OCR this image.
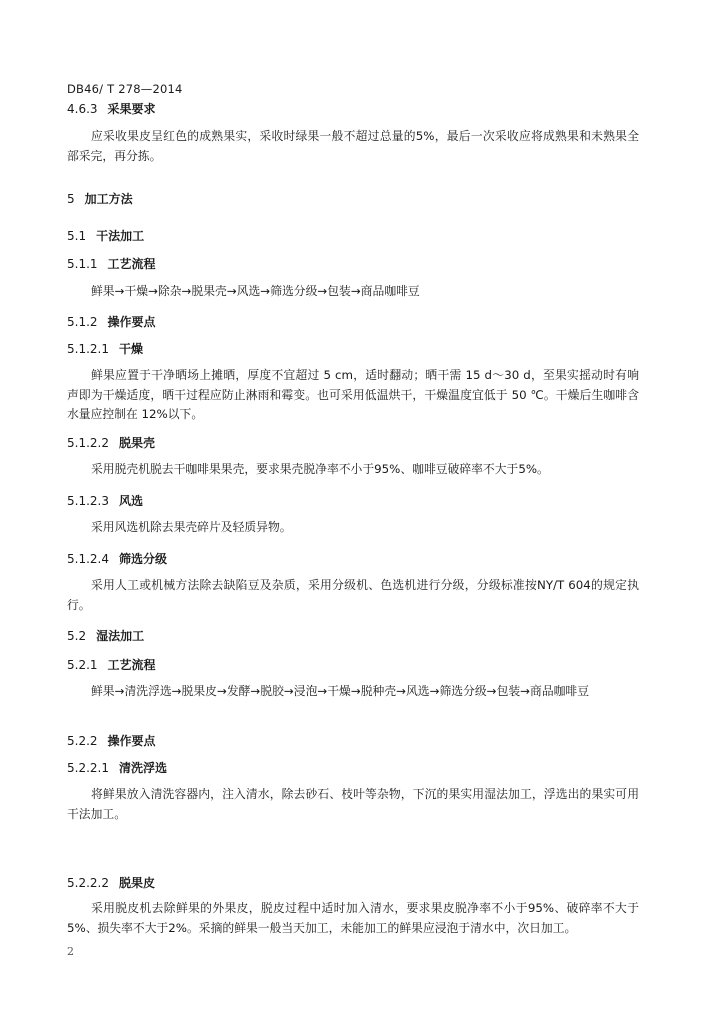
DB46/ T 278—2014
4.6.3 采果要求
应采收果皮呈红色的成熟果实，采收时绿果一般不超过总量的5%，最后一次采收应将成熟果和未熟果全部采完，再分拣。
5 加工方法
5.1 干法加工
5.1.1 工艺流程
鲜果→干燥→除杂→脱果壳→风选→筛选分级→包装→商品咖啡豆
5.1.2 操作要点
5.1.2.1 干燥
鲜果应置于干净晒场上摊晒，厚度不宜超过 5 cm，适时翻动；晒干需 15 d～30 d，至果实摇动时有响声即为干燥适度，晒干过程应防止淋雨和霉变。也可采用低温烘干，干燥温度宜低于 50 ℃。干燥后生咖啡含水量应控制在 12%以下。
5.1.2.2 脱果壳
采用脱壳机脱去干咖啡果果壳，要求果壳脱净率不小于95%、咖啡豆破碎率不大于5%。
5.1.2.3 风选
采用风选机除去果壳碎片及轻质异物。
5.1.2.4 筛选分级
采用人工或机械方法除去缺陷豆及杂质，采用分级机、色选机进行分级，分级标准按NY/T 604的规定执行。
5.2 湿法加工
5.2.1 工艺流程
鲜果→清洗浮选→脱果皮→发酵→脱胶→浸泡→干燥→脱种壳→风选→筛选分级→包装→商品咖啡豆
5.2.2 操作要点
5.2.2.1 清洗浮选
将鲜果放入清洗容器内，注入清水，除去砂石、枝叶等杂物，下沉的果实用湿法加工，浮选出的果实可用干法加工。
5.2.2.2 脱果皮
采用脱皮机去除鲜果的外果皮，脱皮过程中适时加入清水，要求果皮脱净率不小于95%、破碎率不大于5%、损失率不大于2%。采摘的鲜果一般当天加工，未能加工的鲜果应浸泡于清水中，次日加工。
2
